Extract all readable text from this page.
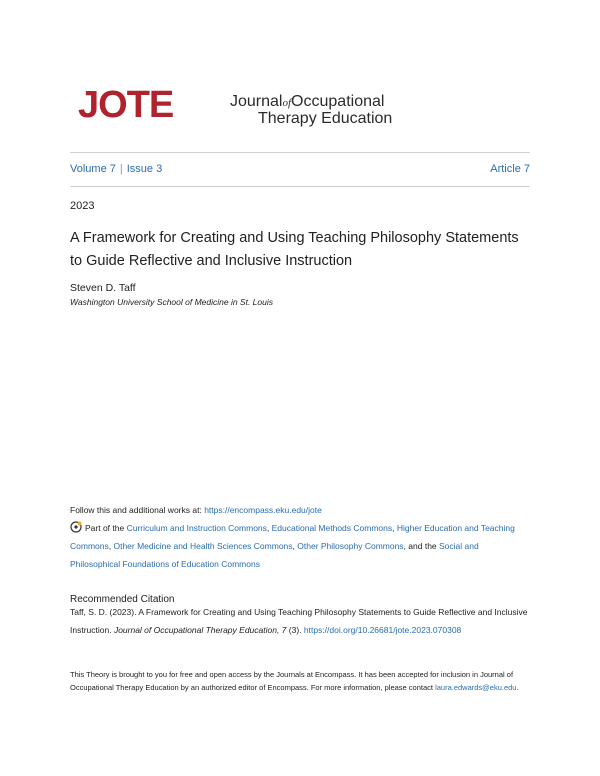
JOTE	JournalofOccupational
Therapy Education
Volume 7 | Issue 3	Article 7
2023
A Framework for Creating and Using Teaching Philosophy Statements to Guide Reflective and Inclusive Instruction
Steven D. Taff
Washington University School of Medicine in St. Louis
Follow this and additional works at: https://encompass.eku.edu/jote
Part of the Curriculum and Instruction Commons, Educational Methods Commons, Higher Education and Teaching Commons, Other Medicine and Health Sciences Commons, Other Philosophy Commons, and the Social and Philosophical Foundations of Education Commons
Recommended Citation
Taff, S. D. (2023). A Framework for Creating and Using Teaching Philosophy Statements to Guide Reflective and Inclusive Instruction. Journal of Occupational Therapy Education, 7 (3). https://doi.org/10.26681/jote.2023.070308
This Theory is brought to you for free and open access by the Journals at Encompass. It has been accepted for inclusion in Journal of Occupational Therapy Education by an authorized editor of Encompass. For more information, please contact laura.edwards@eku.edu.
